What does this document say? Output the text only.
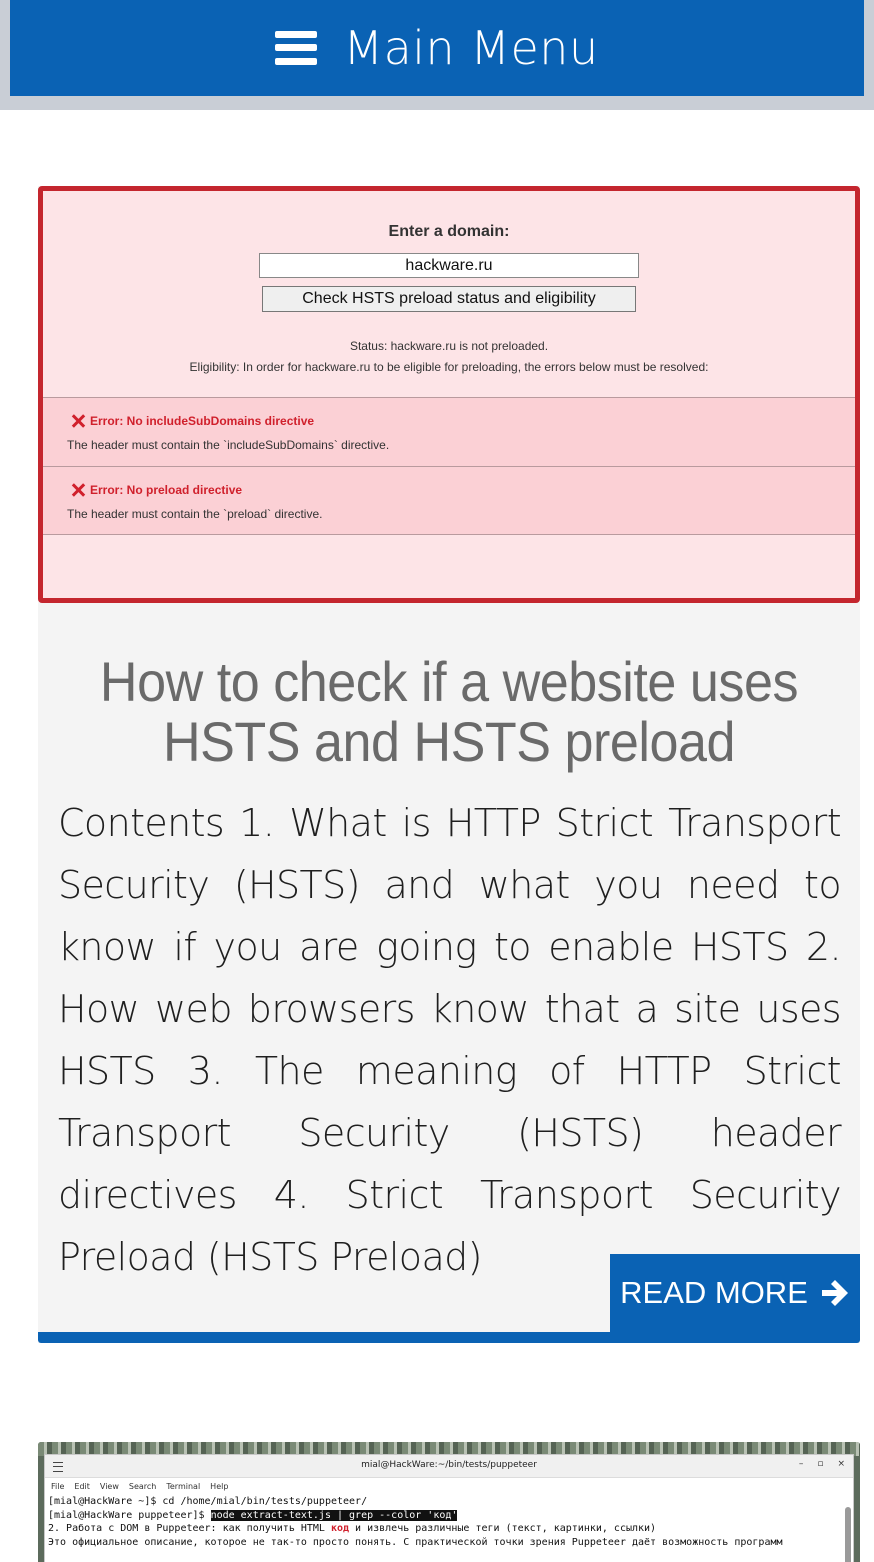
Main Menu
Enter a domain:
hackware.ru
Check HSTS preload status and eligibility
Status: hackware.ru is not preloaded.
Eligibility: In order for hackware.ru to be eligible for preloading, the errors below must be resolved:
Error: No includeSubDomains directive
The header must contain the `includeSubDomains` directive.
Error: No preload directive
The header must contain the `preload` directive.
How to check if a website uses HSTS and HSTS preload
Contents 1. What is HTTP Strict Transport Security (HSTS) and what you need to know if you are going to enable HSTS 2. How web browsers know that a site uses HSTS 3. The meaning of HTTP Strict Transport Security (HSTS) header directives 4. Strict Transport Security Preload (HSTS Preload)
READ MORE
mial@HackWare:~/bin/tests/puppeteer	– ▫ ×
File Edit View Search Terminal Help
[mial@HackWare ~]$ cd /home/mial/bin/tests/puppeteer/
[mial@HackWare puppeteer]$ node extract-text.js | grep --color 'код'
2. Работа с DOM в Puppeteer: как получить HTML код и извлечь различные теги (текст, картинки, ссылки)
Это официальное описание, которое не так-то просто понять. С практической точки зрения Puppeteer даёт возможность программ
